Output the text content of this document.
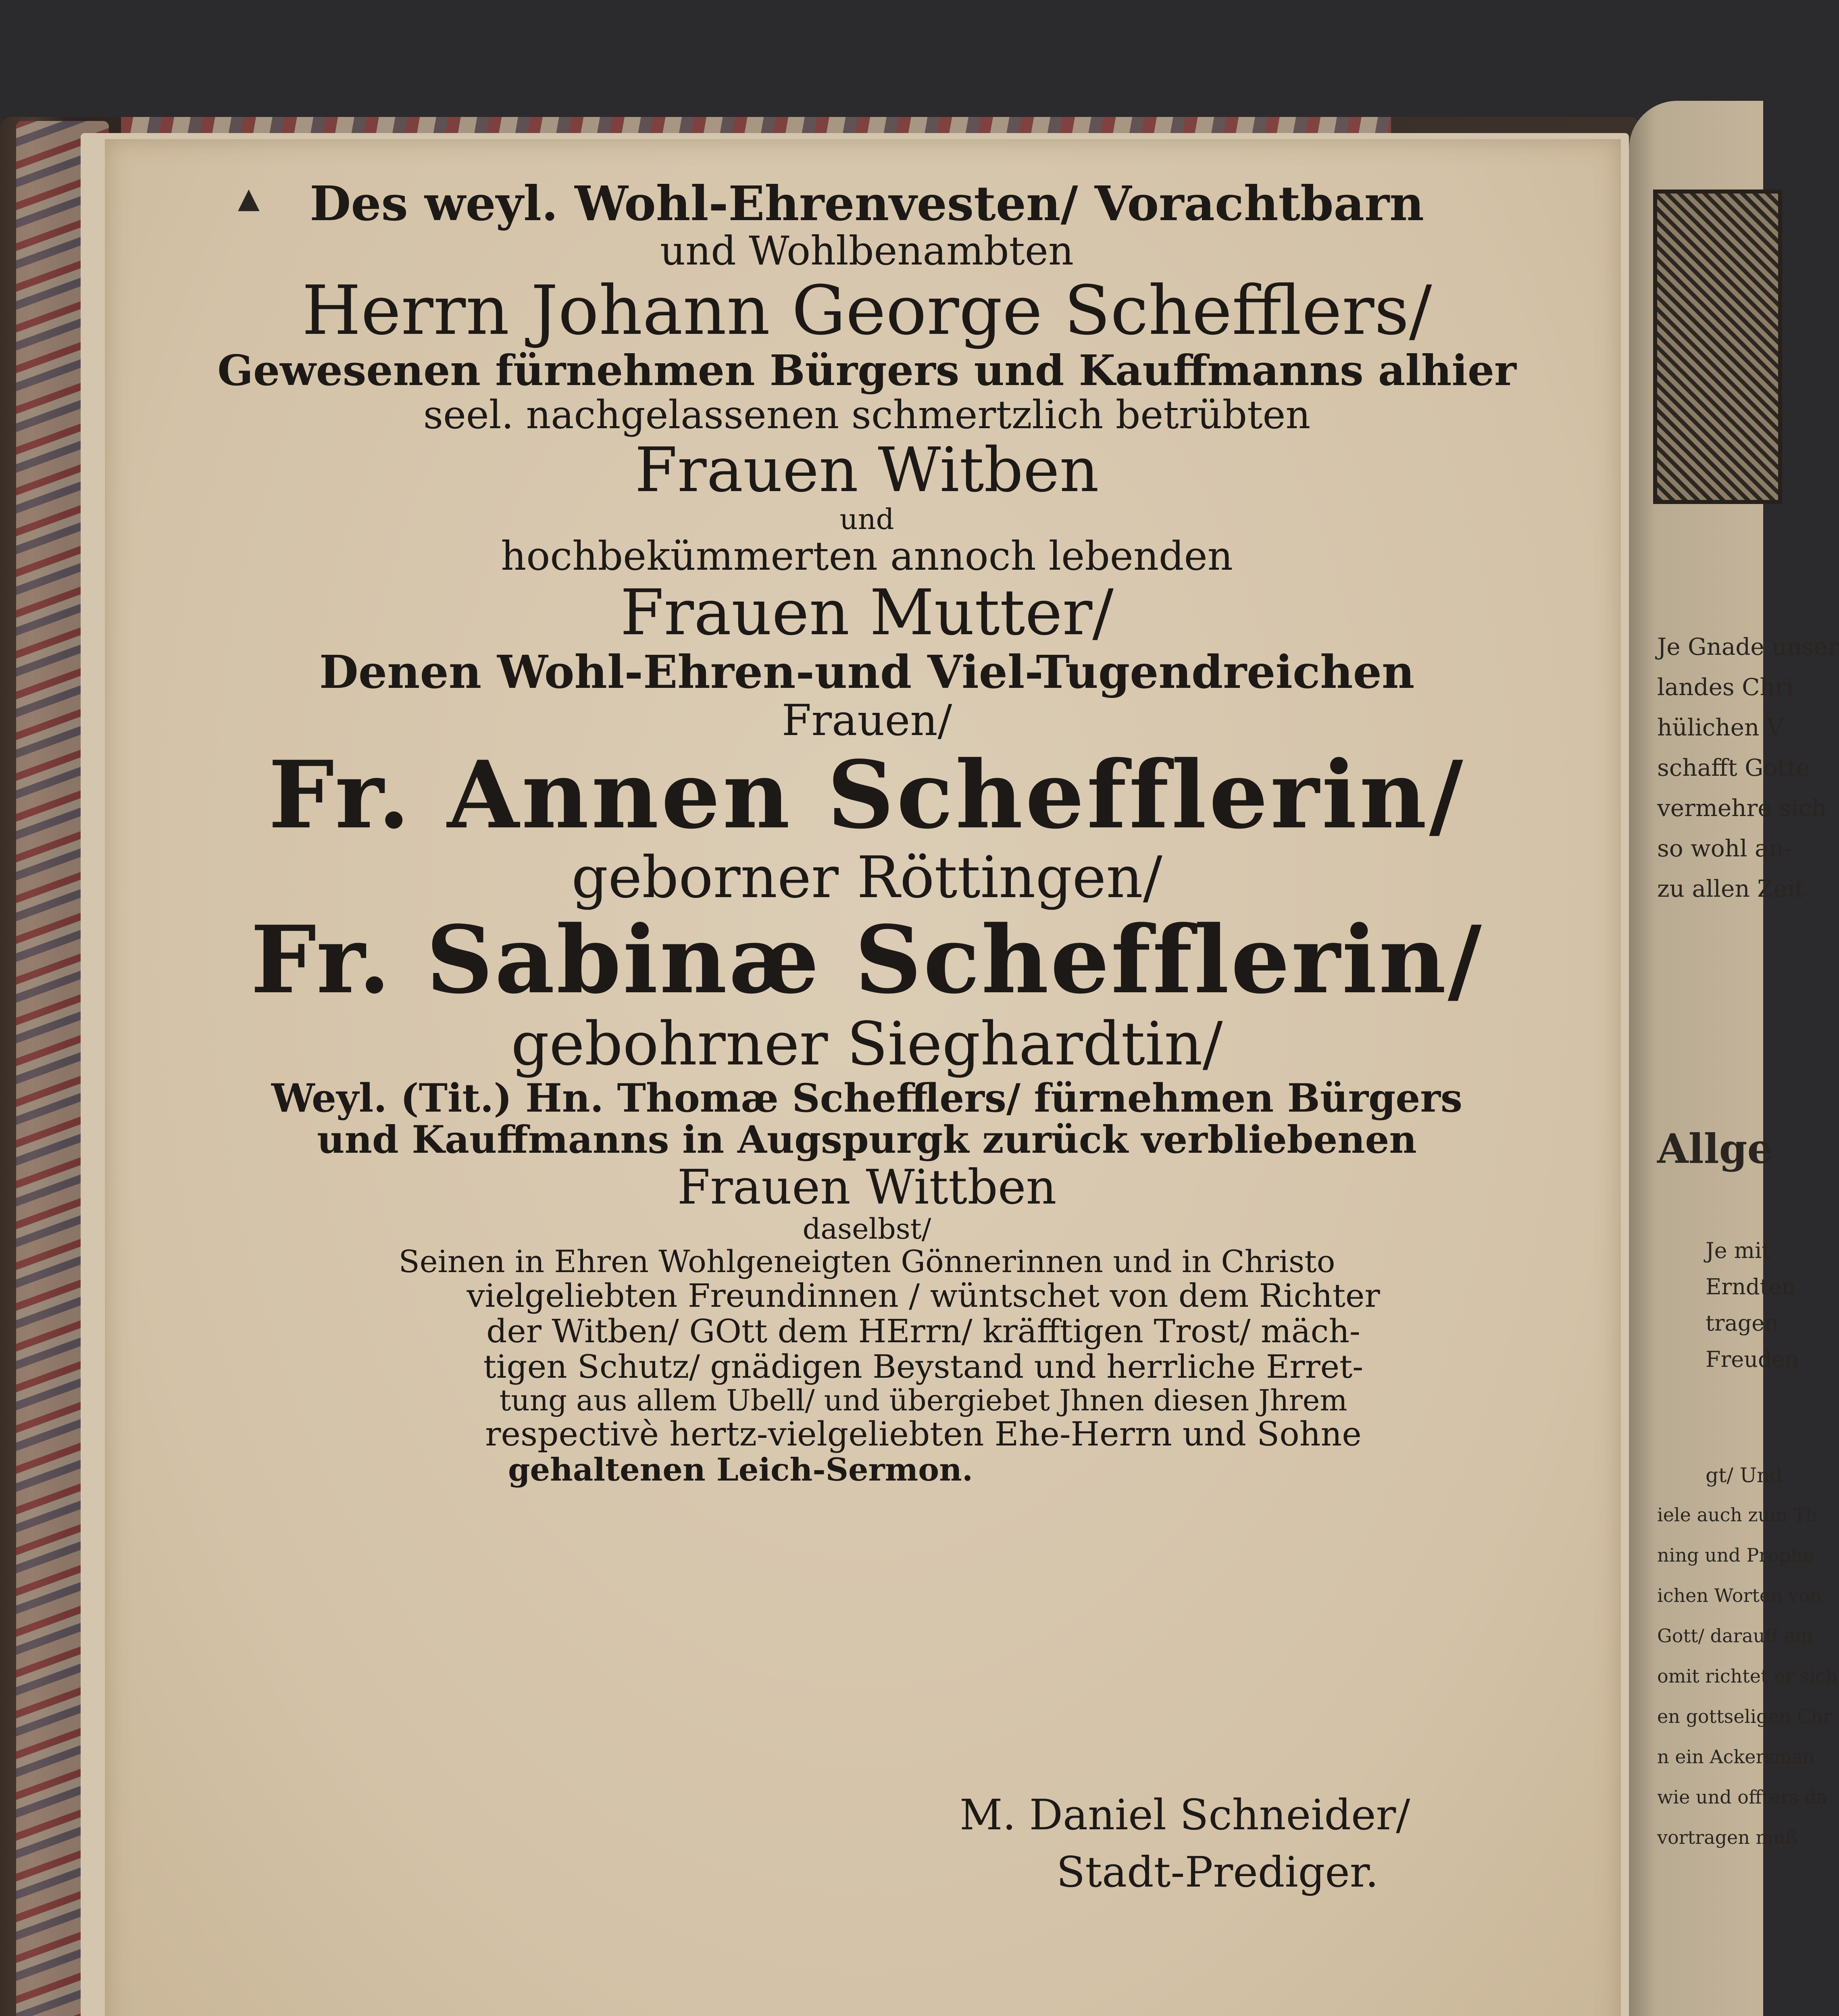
Je Gnade unser
landes Chri
hülichen V
schafft Gotte
vermehre sich
so wohl an-
zu allen Zeit
Allge
Je mit
Erndten
tragen
Freuden
gt/ Und
iele auch zum Th
ning und Prophe
ichen Worten von
Gott/ darauff ein
omit richtet er sich
en gottseligen Chr
n ein Ackersman
wie und offters da
vortragen muß
▲	Des weyl. Wohl-Ehrenvesten/ Vorachtbarn
und Wohlbenambten
Herrn Johann George Schefflers/
Gewesenen fürnehmen Bürgers und Kauffmanns alhier
seel. nachgelassenen schmertzlich betrübten
Frauen Witben
und
hochbekümmerten annoch lebenden
Frauen Mutter/
Denen Wohl-Ehren-und Viel-Tugendreichen
Frauen/
Fr. Annen Schefflerin/
geborner Röttingen/
Fr. Sabinæ Schefflerin/
gebohrner Sieghardtin/
Weyl. (Tit.) Hn. Thomæ Schefflers/ fürnehmen Bürgers
und Kauffmanns in Augspurgk zurück verbliebenen
Frauen Wittben
daselbst/
Seinen in Ehren Wohlgeneigten Gönnerinnen und in Christo
vielgeliebten Freundinnen / wüntschet von dem Richter
der Witben/ GOtt dem HErrn/ kräfftigen Trost/ mäch-
tigen Schutz/ gnädigen Beystand und herrliche Erret-
tung aus allem Ubell/ und übergiebet Jhnen diesen Jhrem
respectivè hertz-vielgeliebten Ehe-Herrn und Sohne
gehaltenen Leich-Sermon.
M. Daniel Schneider/
Stadt-Prediger.
